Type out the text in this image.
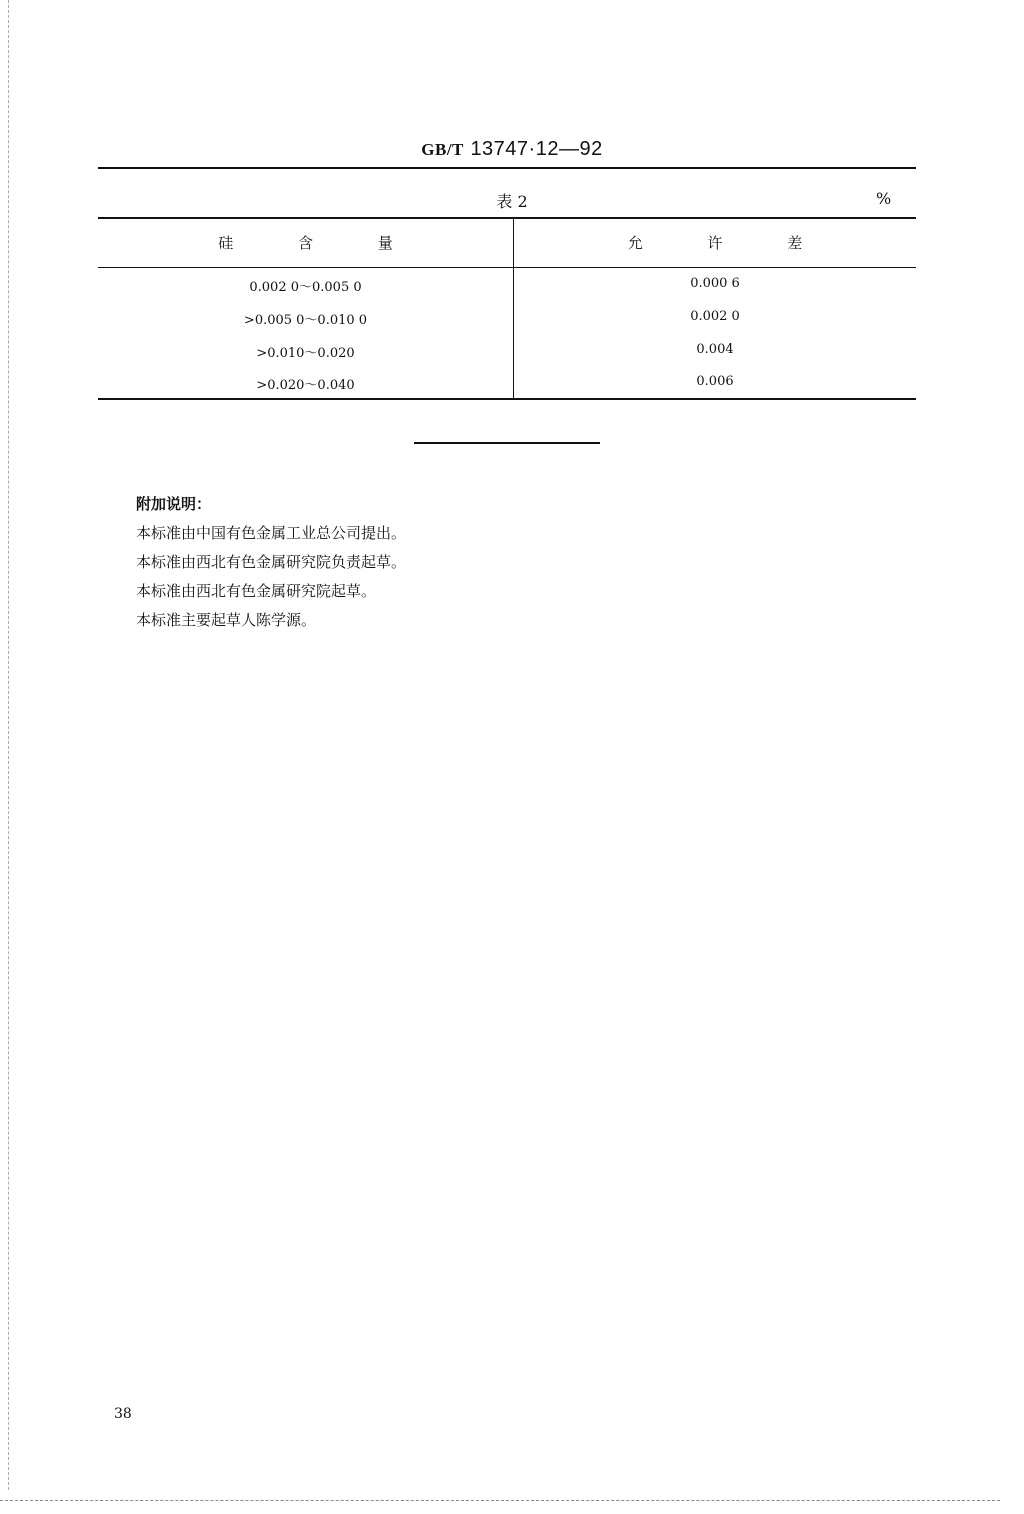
GB/T 13747·12—92
表 2	%
硅 含 量	允 许 差
0.002 0～0.005 0	0.000 6
>0.005 0～0.010 0	0.002 0
>0.010～0.020	0.004
>0.020～0.040	0.006
附加说明：
本标准由中国有色金属工业总公司提出。
本标准由西北有色金属研究院负责起草。
本标准由西北有色金属研究院起草。
本标准主要起草人陈学源。
38
